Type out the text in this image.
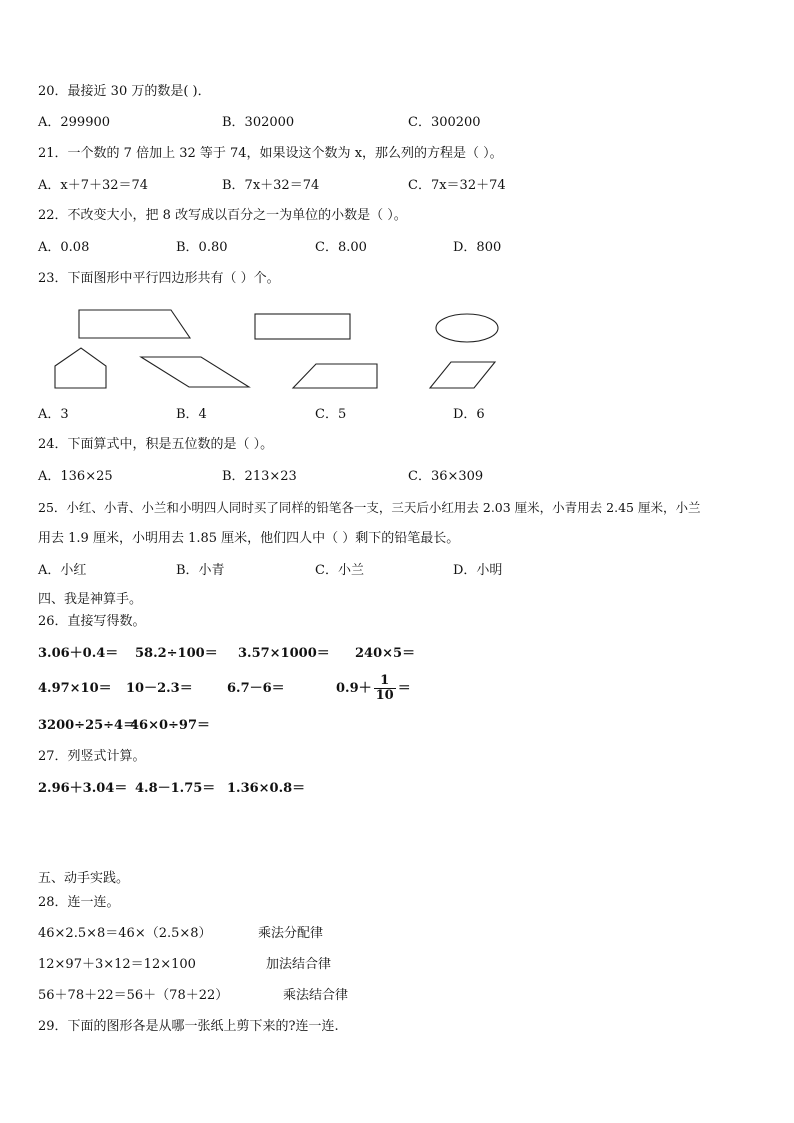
20．最接近 30 万的数是( )．
A．299900	B．302000	C．300200
21．一个数的 7 倍加上 32 等于 74，如果设这个数为 x，那么列的方程是（ ）。
A．x＋7＋32＝74	B．7x＋32＝74	C．7x＝32＋74
22．不改变大小，把 8 改写成以百分之一为单位的小数是（ ）。
A．0.08	B．0.80	C．8.00	D．800
23．下面图形中平行四边形共有（ ）个。
A．3	B．4	C．5	D．6
24．下面算式中，积是五位数的是（ ）。
A．136×25	B．213×23	C．36×309
25．小红、小青、小兰和小明四人同时买了同样的铅笔各一支，三天后小红用去 2.03 厘米，小青用去 2.45 厘米，小兰
用去 1.9 厘米，小明用去 1.85 厘米，他们四人中（ ）剩下的铅笔最长。
A．小红	B．小青	C．小兰	D．小明
四、我是神算手。
26．直接写得数。
3.06＋0.4＝ 58.2÷100＝ 3.57×1000＝ 240×5＝
4.97×10＝ 10－2.3＝	6.7－6＝	$0.9+ \frac{1}{10}$ ＝
3200÷25÷4＝
46×0÷97＝
27．列竖式计算。
2.96＋3.04＝ 4.8－1.75＝ 1.36×0.8＝
五、动手实践。
28．连一连。
46×2.5×8＝46×（2.5×8）
12×97＋3×12＝12×100
56＋78＋22＝56＋（78＋22）
乘法分配律
加法结合律
乘法结合律
29．下面的图形各是从哪一张纸上剪下来的?连一连.
